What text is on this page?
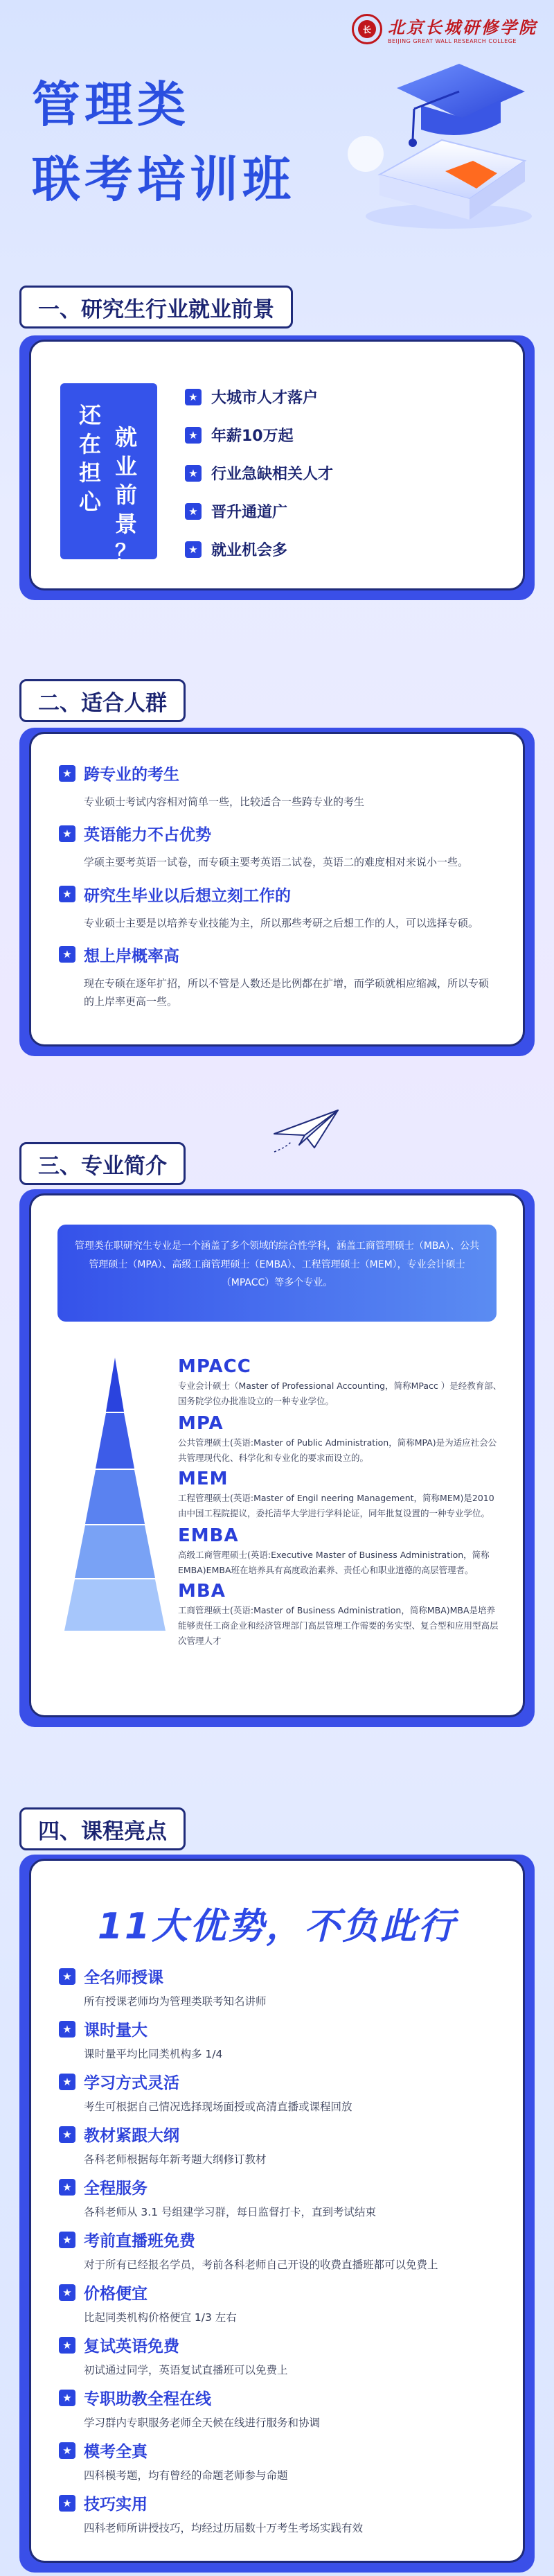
长 北京长城研修学院
BEIJING GREAT WALL RESEARCH COLLEGE
管理类
联考培训班
还
在
担
心
就
业
前
景
？
★ 大城市人才落户
★ 年薪10万起
★ 行业急缺相关人才
★ 晋升通道广
★ 就业机会多
一、研究生行业就业前景
★ 跨专业的考生
专业硕士考试内容相对简单一些，比较适合一些跨专业的考生
★ 英语能力不占优势
学硕主要考英语一试卷，而专硕主要考英语二试卷，英语二的难度相对来说小一些。
★ 研究生毕业以后想立刻工作的
专业硕士主要是以培养专业技能为主，所以那些考研之后想工作的人，可以选择专硕。
★ 想上岸概率高
现在专硕在逐年扩招，所以不管是人数还是比例都在扩增，而学硕就相应缩减，所以专硕的上岸率更高一些。
二、适合人群
管理类在职研究生专业是一个涵盖了多个领域的综合性学科，涵盖工商管理硕士（MBA）、公共管理硕士（MPA）、高级工商管理硕士（EMBA）、工程管理硕士（MEM），专业会计硕士（MPACC）等多个专业。
MPACC
专业会计硕士（Master of Professional Accounting，简称MPacc ）是经教育部、国务院学位办批准设立的一种专业学位。
MPA
公共管理硕士(英语:Master of Public Administration，简称MPA)是为适应社会公共管理现代化、科学化和专业化的要求而设立的。
MEM
工程管理硕士(英语:Master of Engil neering Management，简称MEM)是2010由中国工程院提议，委托清华大学进行学科论证，同年批复设置的一种专业学位。
EMBA
高级工商管理硕士(英语:Executive Master of Business Administration，简称EMBA)EMBA班在培养具有高度政治素养、责任心和职业道德的高层管理者。
MBA
工商管理硕士(英语:Master of Business Administration，简称MBA)MBA是培养能够责任工商企业和经济管理部门高层管理工作需要的务实型、复合型和应用型高层次管理人才
三、专业简介
11大优势，不负此行
★ 全名师授课
所有授课老师均为管理类联考知名讲师
★ 课时量大
课时量平均比同类机构多 1/4
★ 学习方式灵活
考生可根据自己情况选择现场面授或高清直播或课程回放
★ 教材紧跟大纲
各科老师根据每年新考题大纲修订教材
★ 全程服务
各科老师从 3.1 号组建学习群，每日监督打卡，直到考试结束
★ 考前直播班免费
对于所有已经报名学员，考前各科老师自己开设的收费直播班都可以免费上
★ 价格便宜
比起同类机构价格便宜 1/3 左右
★ 复试英语免费
初试通过同学，英语复试直播班可以免费上
★ 专职助教全程在线
学习群内专职服务老师全天候在线进行服务和协调
★ 模考全真
四科模考题，均有曾经的命题老师参与命题
★ 技巧实用
四科老师所讲授技巧，均经过历届数十万考生考场实践有效
四、课程亮点
